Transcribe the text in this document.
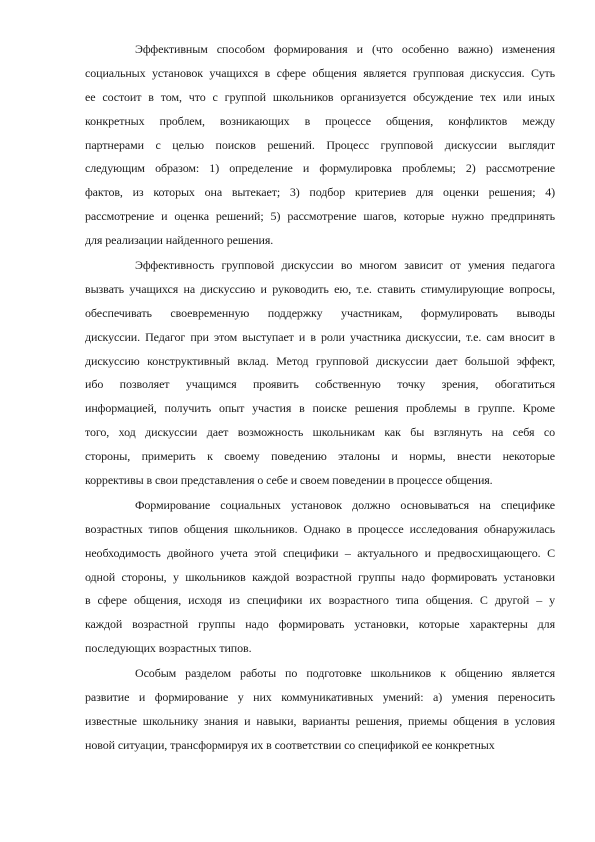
Эффективным способом формирования и (что особенно важно) изменения
социальных установок учащихся в сфере общения является групповая дискуссия. Суть
ее состоит в том, что с группой школьников организуется обсуждение тех или иных
конкретных проблем, возникающих в процессе общения, конфликтов между
партнерами с целью поисков решений. Процесс групповой дискуссии выглядит
следующим образом: 1) определение и формулировка проблемы; 2) рассмотрение
фактов, из которых она вытекает; 3) подбор критериев для оценки решения; 4)
рассмотрение и оценка решений; 5) рассмотрение шагов, которые нужно предпринять
для реализации найденного решения.
Эффективность групповой дискуссии во многом зависит от умения педагога
вызвать учащихся на дискуссию и руководить ею, т.е. ставить стимулирующие вопросы,
обеспечивать своевременную поддержку участникам, формулировать выводы
дискуссии. Педагог при этом выступает и в роли участника дискуссии, т.е. сам вносит в
дискуссию конструктивный вклад. Метод групповой дискуссии дает большой эффект,
ибо позволяет учащимся проявить собственную точку зрения, обогатиться
информацией, получить опыт участия в поиске решения проблемы в группе. Кроме
того, ход дискуссии дает возможность школьникам как бы взглянуть на себя со
стороны, примерить к своему поведению эталоны и нормы, внести некоторые
коррективы в свои представления о себе и своем поведении в процессе общения.
Формирование социальных установок должно основываться на специфике
возрастных типов общения школьников. Однако в процессе исследования обнаружилась
необходимость двойного учета этой специфики – актуального и предвосхищающего. С
одной стороны, у школьников каждой возрастной группы надо формировать установки
в сфере общения, исходя из специфики их возрастного типа общения. С другой – у
каждой возрастной группы надо формировать установки, которые характерны для
последующих возрастных типов.
Особым разделом работы по подготовке школьников к общению является
развитие и формирование у них коммуникативных умений: а) умения переносить
известные школьнику знания и навыки, варианты решения, приемы общения в условия
новой ситуации, трансформируя их в соответствии со спецификой ее конкретных
